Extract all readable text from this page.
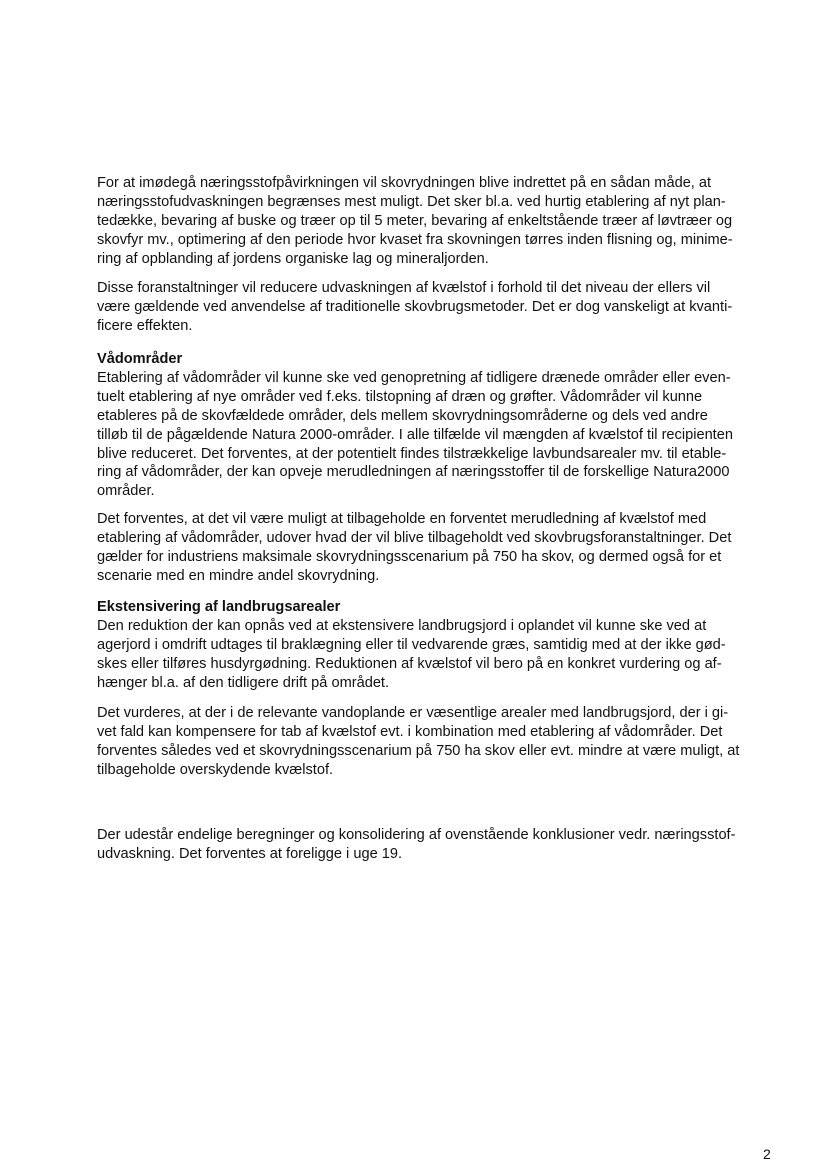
For at imødegå næringsstofpåvirkningen vil skovrydningen blive indrettet på en sådan måde, at
næringsstofudvaskningen begrænses mest muligt. Det sker bl.a. ved hurtig etablering af nyt plan-
tedække, bevaring af buske og træer op til 5 meter, bevaring af enkeltstående træer af løvtræer og
skovfyr mv., optimering af den periode hvor kvaset fra skovningen tørres inden flisning og, minime-
ring af opblanding af jordens organiske lag og mineraljorden.
Disse foranstaltninger vil reducere udvaskningen af kvælstof i forhold til det niveau der ellers vil
være gældende ved anvendelse af traditionelle skovbrugsmetoder. Det er dog vanskeligt at kvanti-
ficere effekten.
Vådområder
Etablering af vådområder vil kunne ske ved genopretning af tidligere drænede områder eller even-
tuelt etablering af nye områder ved f.eks. tilstopning af dræn og grøfter. Vådområder vil kunne
etableres på de skovfældede områder, dels mellem skovrydningsområderne og dels ved andre
tilløb til de pågældende Natura 2000-områder. I alle tilfælde vil mængden af kvælstof til recipienten
blive reduceret. Det forventes, at der potentielt findes tilstrækkelige lavbundsarealer mv. til etable-
ring af vådområder, der kan opveje merudledningen af næringsstoffer til de forskellige Natura2000
områder.
Det forventes, at det vil være muligt at tilbageholde en forventet merudledning af kvælstof med
etablering af vådområder, udover hvad der vil blive tilbageholdt ved skovbrugsforanstaltninger. Det
gælder for industriens maksimale skovrydningsscenarium på 750 ha skov, og dermed også for et
scenarie med en mindre andel skovrydning.
Ekstensivering af landbrugsarealer
Den reduktion der kan opnås ved at ekstensivere landbrugsjord i oplandet vil kunne ske ved at
agerjord i omdrift udtages til braklægning eller til vedvarende græs, samtidig med at der ikke gød-
skes eller tilføres husdyrgødning. Reduktionen af kvælstof vil bero på en konkret vurdering og af-
hænger bl.a. af den tidligere drift på området.
Det vurderes, at der i de relevante vandoplande er væsentlige arealer med landbrugsjord, der i gi-
vet fald kan kompensere for tab af kvælstof evt. i kombination med etablering af vådområder. Det
forventes således ved et skovrydningsscenarium på 750 ha skov eller evt. mindre at være muligt, at
tilbageholde overskydende kvælstof.
Der udestår endelige beregninger og konsolidering af ovenstående konklusioner vedr. næringsstof-
udvaskning. Det forventes at foreligge i uge 19.
2
